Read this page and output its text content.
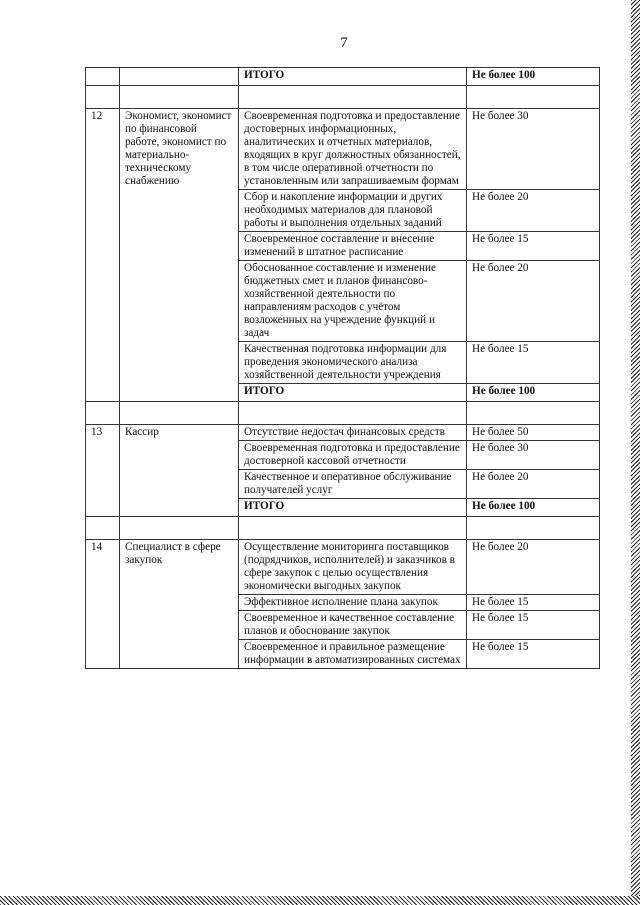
7
		ИТОГО	Не более 100

12	Экономист, экономист по финансовой работе, экономист по материально-техническому снабжению	Своевременная подготовка и предоставление достоверных информационных, аналитических и отчетных материалов, входящих в круг должностных обязанностей, в том числе оперативной отчетности по установленным или запрашиваемым формам	Не более 30
		Сбор и накопление информации и других необходимых материалов для плановой работы и выполнения отдельных заданий	Не более 20
		Своевременное составление и внесение изменений в штатное расписание	Не более 15
		Обоснованное составление и изменение бюджетных смет и планов финансово-хозяйственной деятельности по направлениям расходов с учётом возложенных на учреждение функций и задач	Не более 20
		Качественная подготовка информации для проведения экономического анализа хозяйственной деятельности учреждения	Не более 15
		ИТОГО	Не более 100

13	Кассир	Отсутствие недостач финансовых средств	Не более 50
		Своевременная подготовка и предоставление достоверной кассовой отчетности	Не более 30
		Качественное и оперативное обслуживание получателей услуг	Не более 20
		ИТОГО	Не более 100

14	Специалист в сфере закупок	Осуществление мониторинга поставщиков (подрядчиков, исполнителей) и заказчиков в сфере закупок с целью осуществления экономически выгодных закупок	Не более 20
		Эффективное исполнение плана закупок	Не более 15
		Своевременное и качественное составление планов и обоснование закупок	Не более 15
		Своевременное и правильное размещение информации в автоматизированных системах	Не более 15
